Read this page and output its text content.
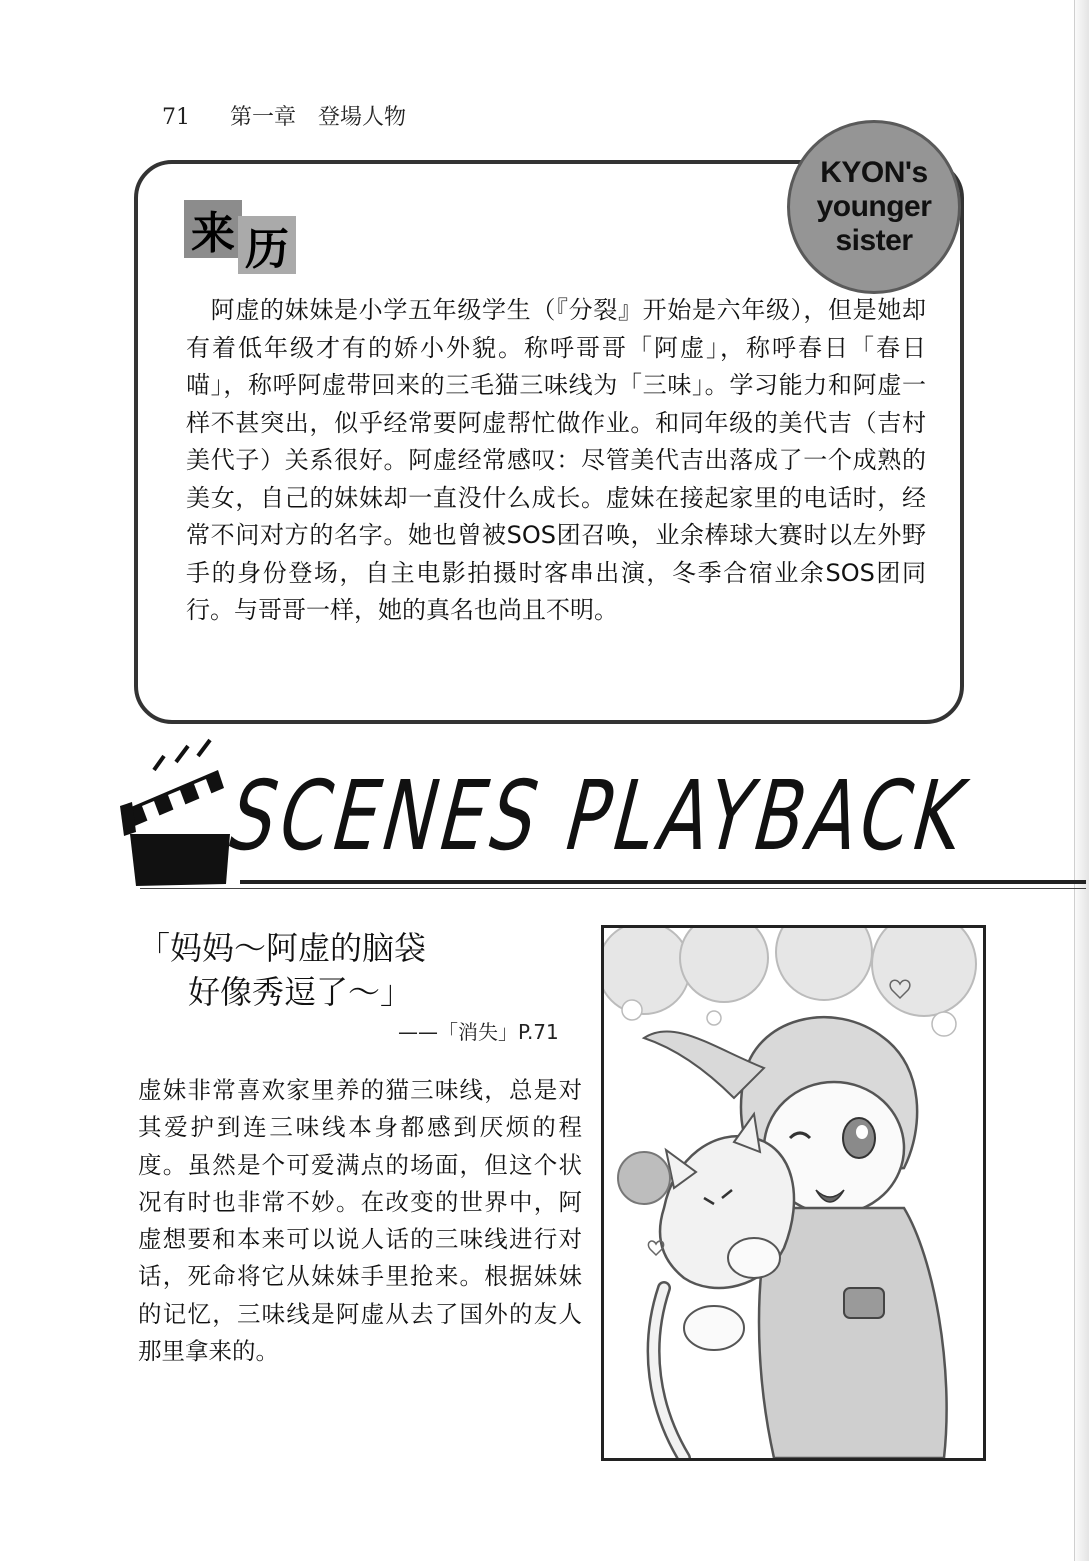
71 第一章 登場人物
来 历
　阿虚的妹妹是小学五年级学生（『分裂』开始是六年级），但是她却有着低年级才有的娇小外貌。称呼哥哥「阿虚」，称呼春日「春日喵」，称呼阿虚带回来的三毛猫三味线为「三味」。学习能力和阿虚一样不甚突出，似乎经常要阿虚帮忙做作业。和同年级的美代吉（吉村美代子）关系很好。阿虚经常感叹：尽管美代吉出落成了一个成熟的美女，自己的妹妹却一直没什么成长。虚妹在接起家里的电话时，经常不问对方的名字。她也曾被SOS团召唤，业余棒球大赛时以左外野手的身份登场，自主电影拍摄时客串出演，冬季合宿业余SOS团同行。与哥哥一样，她的真名也尚且不明。
KYON's
younger
sister
SCENES PLAYBACK
「妈妈～阿虚的脑袋
好像秀逗了～」
——「消失」P.71
虚妹非常喜欢家里养的猫三味线，总是对其爱护到连三味线本身都感到厌烦的程度。虽然是个可爱满点的场面，但这个状况有时也非常不妙。在改变的世界中，阿虚想要和本来可以说人话的三味线进行对话，死命将它从妹妹手里抢来。根据妹妹的记忆，三味线是阿虚从去了国外的友人那里拿来的。
